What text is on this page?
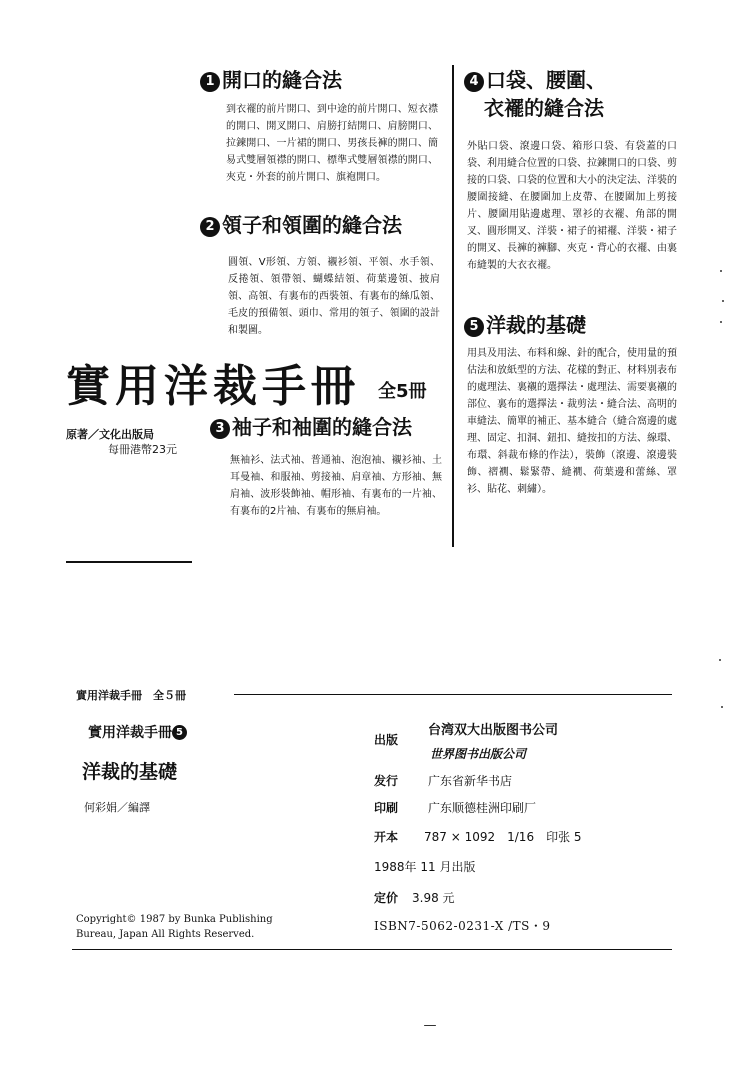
1 開口的縫合法
到衣襬的前片開口、到中途的前片開口、短衣襟的開口、開叉開口、肩膀打結開口、肩膀開口、拉鍊開口、一片裙的開口、男孩長褲的開口、簡易式雙層領襟的開口、標準式雙層領襟的開口、夾克・外套的前片開口、旗袍開口。
2 領子和領圍的縫合法
圓領、V形領、方領、襯衫領、平領、水手領、反捲領、領帶領、蝴蝶結領、荷葉邊領、披肩領、高領、有裏布的西裝領、有裏布的絲瓜領、毛皮的預備領、頭巾、常用的領子、領圍的設計和製圖。
實用洋裁手冊 全5冊
原著／文化出版局
每冊港幣23元
3 袖子和袖圍的縫合法
無袖衫、法式袖、普通袖、泡泡袖、襯衫袖、土耳曼袖、和服袖、剪接袖、肩章袖、方形袖、無肩袖、波形裝飾袖、帽形袖、有裏布的一片袖、有裏布的2片袖、有裏布的無肩袖。
4 口袋、腰圍、
衣襬的縫合法
外貼口袋、滾邊口袋、箱形口袋、有袋蓋的口袋、利用縫合位置的口袋、拉鍊開口的口袋、剪接的口袋、口袋的位置和大小的決定法、洋裝的腰圍接縫、在腰圍加上皮帶、在腰圍加上剪接片、腰圍用貼邊處理、罩衫的衣襬、角部的開叉、圓形開叉、洋裝・裙子的裙襬、洋裝・裙子的開叉、長褲的褲腳、夾克・背心的衣襬、由裏布縫製的大衣衣襬。
5 洋裁的基礎
用具及用法、布料和線、針的配合，使用量的預估法和放紙型的方法、花樣的對正、材料別表布的處理法、裏襯的選擇法・處理法、需要裏襯的部位、裏布的選擇法・裁剪法・縫合法、高明的車縫法、簡單的補正、基本縫合（縫合窩邊的處理、固定、扣洞、鈕扣、縫按扣的方法、線環、布環、斜裁布條的作法），裝飾（滾邊、滾邊裝飾、褶襉、鬆緊帶、縫襉、荷葉邊和蕾絲、罩衫、貼花、刺繡）。
實用洋裁手冊　全５冊
實用洋裁手冊 5
洋裁的基礎
何彩娟／編譯
Copyright© 1987 by Bunka Publishing
Bureau, Japan All Rights Reserved.
出版
台湾双大出版图书公司
世界图书出版公司
发行 广东省新华书店
印刷 广东顺德桂洲印刷厂
开本 787 × 1092　1/16　印张 5
1988年 11 月出版
定价 3.98 元
ISBN7-5062-0231-X /TS・9
